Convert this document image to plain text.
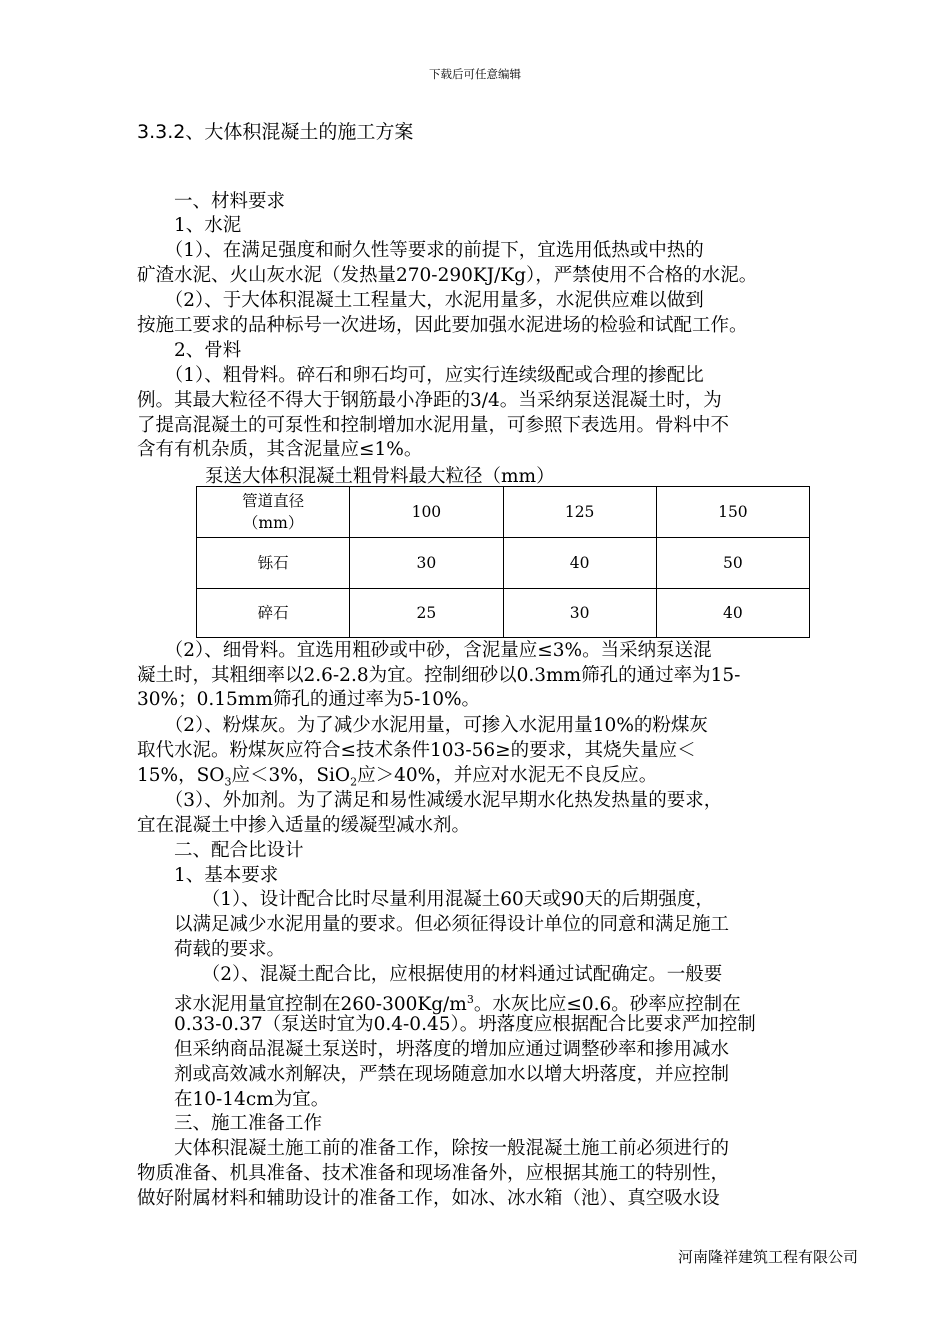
下载后可任意编辑
3.3.2、大体积混凝土的施工方案
　　一、材料要求
　　1、水泥
　　（1）、在满足强度和耐久性等要求的前提下，宜选用低热或中热的
矿渣水泥、火山灰水泥（发热量270-290KJ/Kg），严禁使用不合格的水泥。
　　（2）、于大体积混凝土工程量大，水泥用量多，水泥供应难以做到
按施工要求的品种标号一次进场，因此要加强水泥进场的检验和试配工作。
　　2、骨料
　　（1）、粗骨料。碎石和卵石均可，应实行连续级配或合理的掺配比
例。其最大粒径不得大于钢筋最小净距的3/4。当采纳泵送混凝土时，为
了提高混凝土的可泵性和控制增加水泥用量，可参照下表选用。骨料中不
含有有机杂质，其含泥量应≤1%。
泵送大体积混凝土粗骨料最大粒径（mm）
管道直径
（mm）	100	125	150
铄石	30	40	50
碎石	25	30	40
　　（2）、细骨料。宜选用粗砂或中砂，含泥量应≤3%。当采纳泵送混
凝土时，其粗细率以2.6-2.8为宜。控制细砂以0.3mm筛孔的通过率为15-
30%；0.15mm筛孔的通过率为5-10%。
　　（2）、粉煤灰。为了减少水泥用量，可掺入水泥用量10%的粉煤灰
取代水泥。粉煤灰应符合≤技术条件103-56≥的要求，其烧失量应＜
15%，$SO_3$应＜3%，SiO$_2$应＞40%，并应对水泥无不良反应。
　　（3）、外加剂。为了满足和易性减缓水泥早期水化热发热量的要求，
宜在混凝土中掺入适量的缓凝型减水剂。
　　二、配合比设计
　　1、基本要求
　　　　（1）、设计配合比时尽量利用混凝土60天或90天的后期强度，
　　以满足减少水泥用量的要求。但必须征得设计单位的同意和满足施工
　　荷载的要求。
　　　　（2）、混凝土配合比，应根据使用的材料通过试配确定。一般要
　　求水泥用量宜控制在$260-300Kg/m^3$。水灰比应≤0.6。砂率应控制在
　　0.33-0.37（泵送时宜为0.4-0.45）。坍落度应根据配合比要求严加控制
　　但采纳商品混凝土泵送时，坍落度的增加应通过调整砂率和掺用减水
　　剂或高效减水剂解决，严禁在现场随意加水以增大坍落度，并应控制
　　在10-14cm为宜。
　　三、施工准备工作
　　大体积混凝土施工前的准备工作，除按一般混凝土施工前必须进行的
物质准备、机具准备、技术准备和现场准备外，应根据其施工的特别性，
做好附属材料和辅助设计的准备工作，如冰、冰水箱（池）、真空吸水设
河南隆祥建筑工程有限公司
